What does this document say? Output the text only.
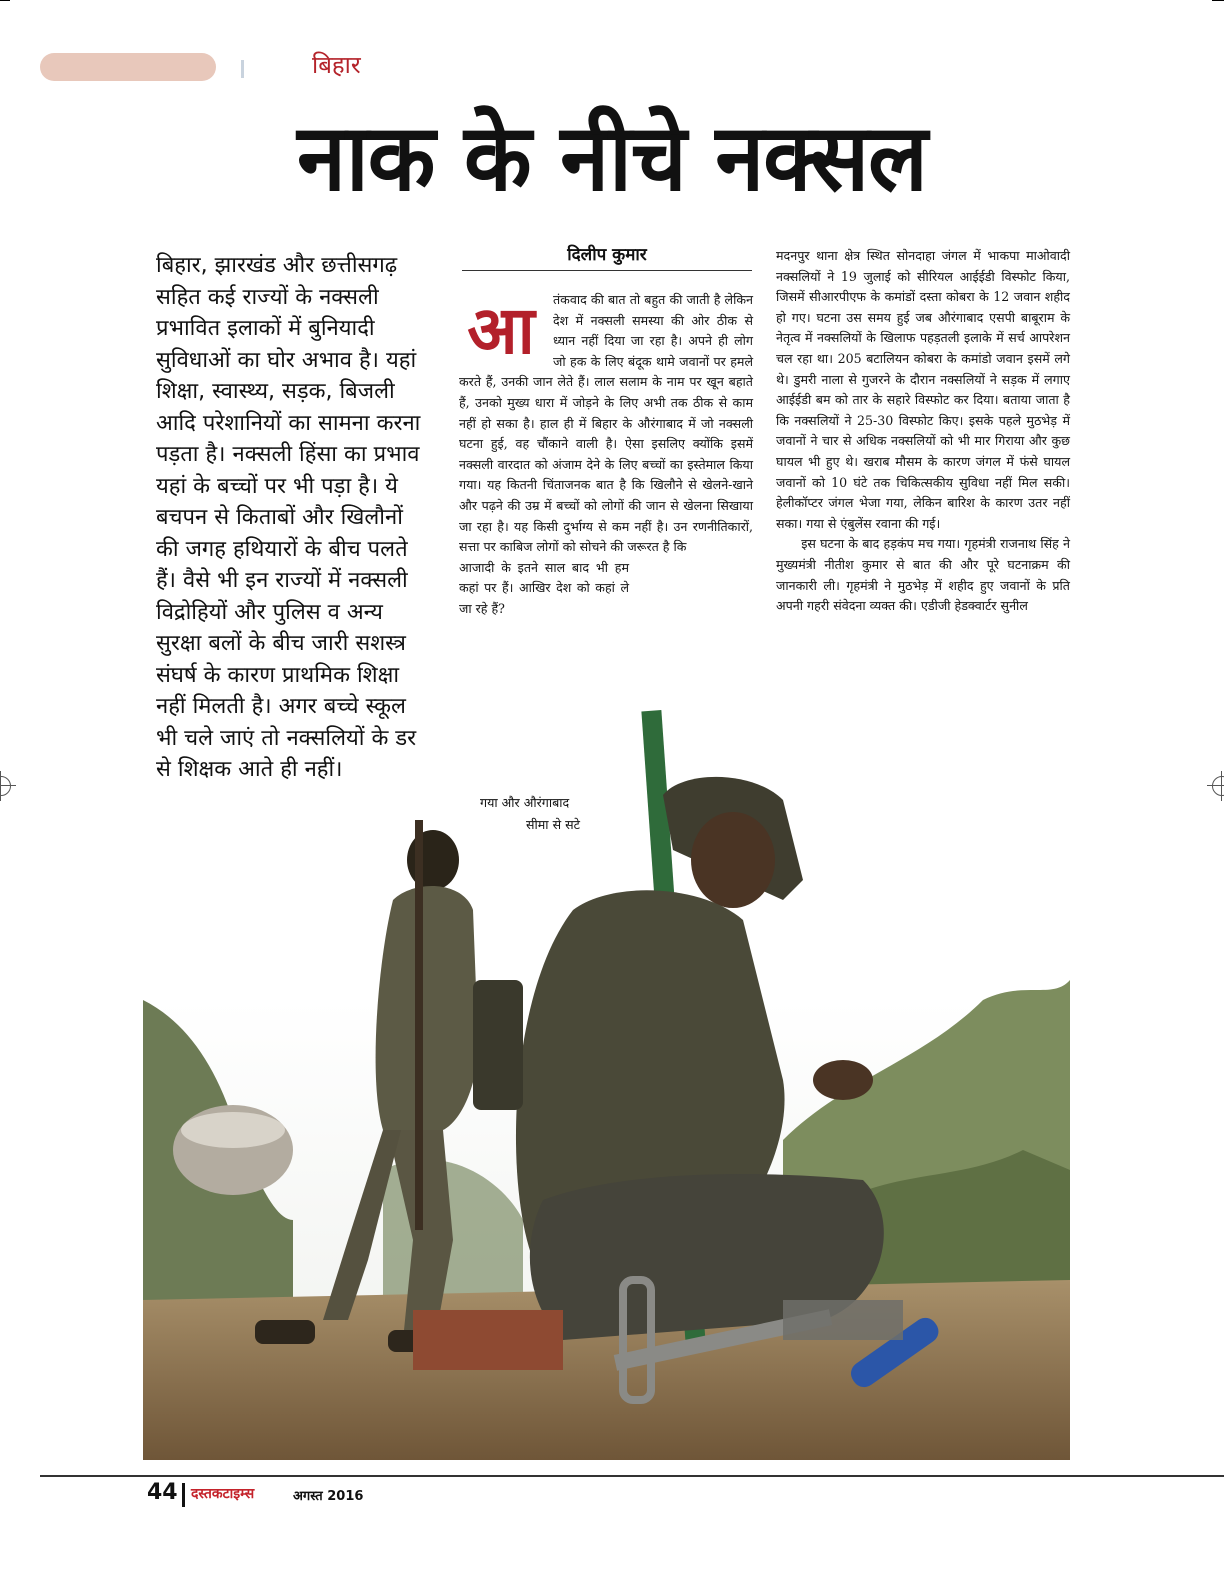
बिहार
नाक के नीचे नक्सल
बिहार, झारखंड और छत्तीसगढ़ सहित कई राज्यों के नक्सली प्रभावित इलाकों में बुनियादी सुविधाओं का घोर अभाव है। यहां शिक्षा, स्वास्थ्य, सड़क, बिजली आदि परेशानियों का सामना करना पड़ता है। नक्सली हिंसा का प्रभाव यहां के बच्चों पर भी पड़ा है। ये बचपन से किताबों और खिलौनों की जगह हथियारों के बीच पलते हैं। वैसे भी इन राज्यों में नक्सली विद्रोहियों और पुलिस व अन्य सुरक्षा बलों के बीच जारी सशस्त्र संघर्ष के कारण प्राथमिक शिक्षा नहीं मिलती है। अगर बच्चे स्कूल भी चले जाएं तो नक्सलियों के डर से शिक्षक आते ही नहीं।
दिलीप कुमार
आ	तंकवाद की बात तो बहुत की जाती है लेकिन देश में नक्सली समस्या की ओर ठीक से ध्यान नहीं दिया जा रहा है। अपने ही लोग जो हक के लिए बंदूक थामे जवानों पर हमले करते हैं, उनकी जान लेते हैं। लाल सलाम के नाम पर खून बहाते हैं, उनको मुख्य धारा में जोड़ने के लिए अभी तक ठीक से काम नहीं हो सका है। हाल ही में बिहार के औरंगाबाद में जो नक्सली घटना हुई, वह चौंकाने वाली है। ऐसा इसलिए क्योंकि इसमें नक्सली वारदात को अंजाम देने के लिए बच्चों का इस्तेमाल किया गया। यह कितनी चिंताजनक बात है कि खिलौने से खेलने-खाने और पढ़ने की उम्र में बच्चों को लोगों की जान से खेलना सिखाया जा रहा है। यह किसी दुर्भाग्य से कम नहीं है। उन रणनीतिकारों, सत्ता पर काबिज लोगों को सोचने की जरूरत है कि
आजादी के इतने साल बाद भी हम कहां पर हैं। आखिर देश को कहां ले जा रहे हैं?
गया और औरंगाबाद
सीमा से सटे

मदनपुर थाना क्षेत्र स्थित सोनदाहा जंगल में भाकपा माओवादी नक्सलियों ने 19 जुलाई को सीरियल आईईडी विस्फोट किया, जिसमें सीआरपीएफ के कमांडों दस्ता कोबरा के 12 जवान शहीद हो गए। घटना उस समय हुई जब औरंगाबाद एसपी बाबूराम के नेतृत्व में नक्सलियों के खिलाफ पहड़तली इलाके में सर्च आपरेशन चल रहा था। 205 बटालियन कोबरा के कमांडो जवान इसमें लगे थे। डुमरी नाला से गुजरने के दौरान नक्सलियों ने सड़क में लगाए आईईडी बम को तार के सहारे विस्फोट कर दिया। बताया जाता है कि नक्सलियों ने 25-30 विस्फोट किए। इसके पहले मुठभेड़ में जवानों ने चार से अधिक नक्सलियों को भी मार गिराया और कुछ घायल भी हुए थे। खराब मौसम के कारण जंगल में फंसे घायल जवानों को 10 घंटे तक चिकित्सकीय सुविधा नहीं मिल सकी। हेलीकॉप्टर जंगल भेजा गया, लेकिन बारिश के कारण उतर नहीं सका। गया से एंबुलेंस रवाना की गई।

इस घटना के बाद हड़कंप मच गया। गृहमंत्री राजनाथ सिंह ने मुख्यमंत्री नीतीश कुमार से बात की और पूरे घटनाक्रम की जानकारी ली। गृहमंत्री ने मुठभेड़ में शहीद हुए जवानों के प्रति अपनी गहरी संवेदना व्यक्त की। एडीजी हेडक्वार्टर सुनील

44 दस्तकटाइम्स	अगस्त 2016
